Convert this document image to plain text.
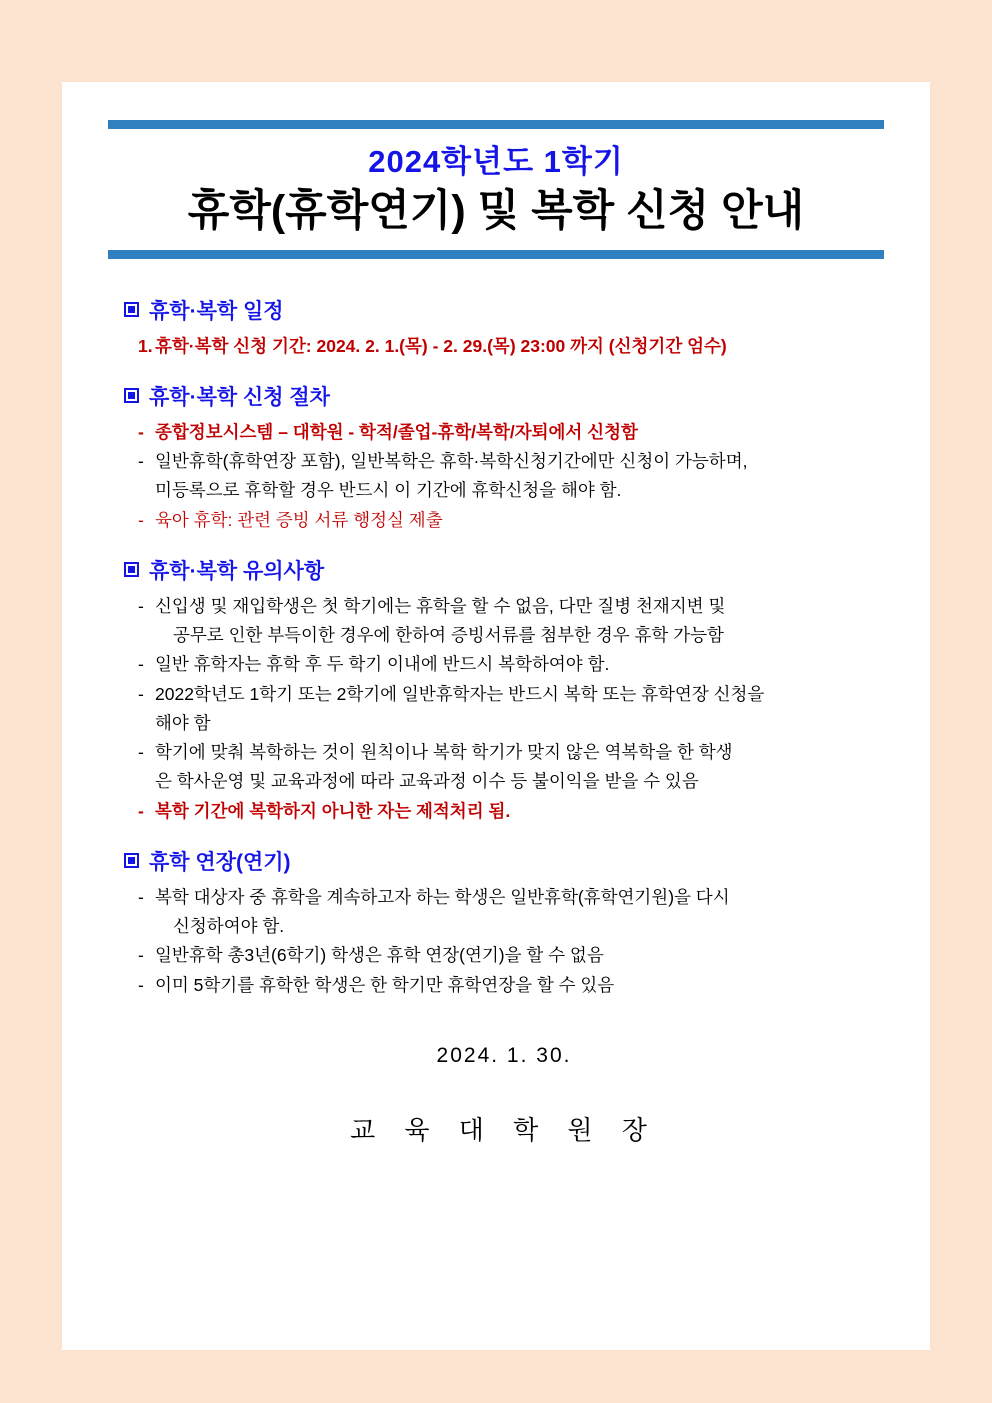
2024학년도 1학기
휴학(휴학연기) 및 복학 신청 안내
휴학·복학 일정
1. 휴학·복학 신청 기간: 2024. 2. 1.(목) - 2. 29.(목) 23:00 까지 (신청기간 엄수)
휴학·복학 신청 절차
- 종합정보시스템 – 대학원 - 학적/졸업-휴학/복학/자퇴에서 신청함
- 일반휴학(휴학연장 포함), 일반복학은 휴학·복학신청기간에만 신청이 가능하며,
미등록으로 휴학할 경우 반드시 이 기간에 휴학신청을 해야 함.
- 육아 휴학: 관련 증빙 서류 행정실 제출
휴학·복학 유의사항
- 신입생 및 재입학생은 첫 학기에는 휴학을 할 수 없음, 다만 질병 천재지변 및
공무로 인한 부득이한 경우에 한하여 증빙서류를 첨부한 경우 휴학 가능함
- 일반 휴학자는 휴학 후 두 학기 이내에 반드시 복학하여야 함.
- 2022학년도 1학기 또는 2학기에 일반휴학자는 반드시 복학 또는 휴학연장 신청을
해야 함
- 학기에 맞춰 복학하는 것이 원칙이나 복학 학기가 맞지 않은 역복학을 한 학생
은 학사운영 및 교육과정에 따라 교육과정 이수 등 불이익을 받을 수 있음
- 복학 기간에 복학하지 아니한 자는 제적처리 됨.
휴학 연장(연기)
- 복학 대상자 중 휴학을 계속하고자 하는 학생은 일반휴학(휴학연기원)을 다시
신청하여야 함.
- 일반휴학 총3년(6학기) 학생은 휴학 연장(연기)을 할 수 없음
- 이미 5학기를 휴학한 학생은 한 학기만 휴학연장을 할 수 있음
2024. 1. 30.
교 육 대 학 원 장
